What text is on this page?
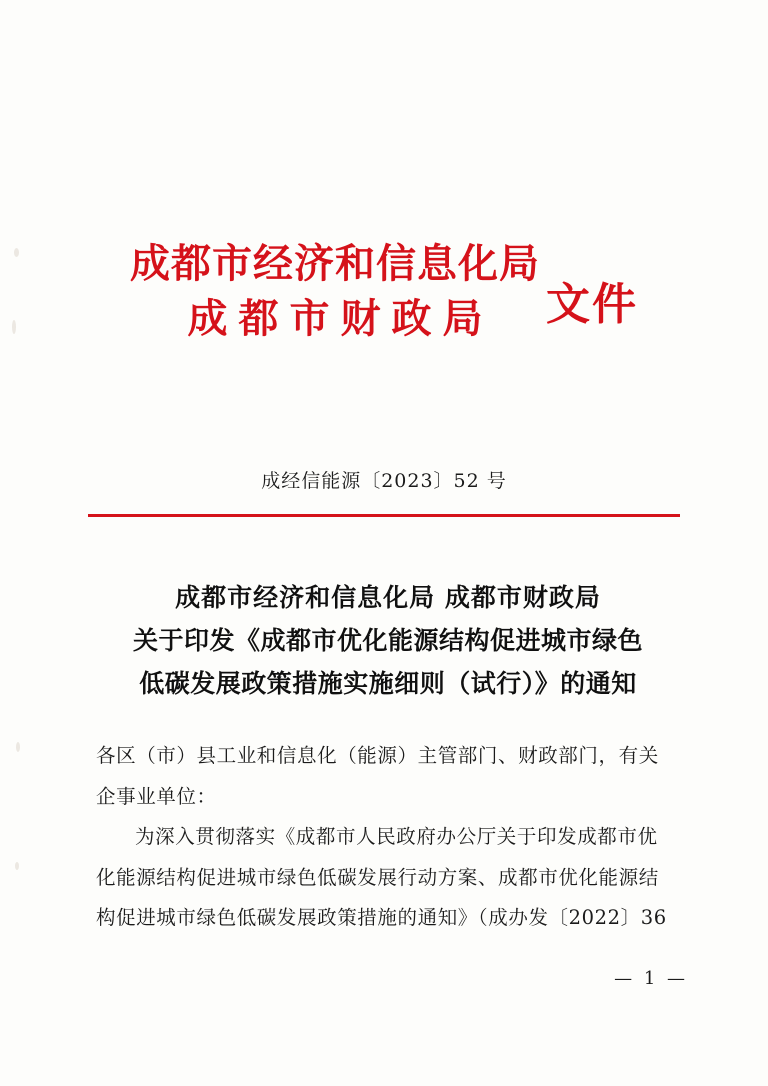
成都市经济和信息化局
成都市财政局 文件
成经信能源〔2023〕52 号
成都市经济和信息化局 成都市财政局
关于印发《成都市优化能源结构促进城市绿色
低碳发展政策措施实施细则（试行）》的通知

各区（市）县工业和信息化（能源）主管部门、财政部门，有关

企事业单位：

为深入贯彻落实《成都市人民政府办公厅关于印发成都市优

化能源结构促进城市绿色低碳发展行动方案、成都市优化能源结

构促进城市绿色低碳发展政策措施的通知》（成办发〔2022〕36

— 1 —
